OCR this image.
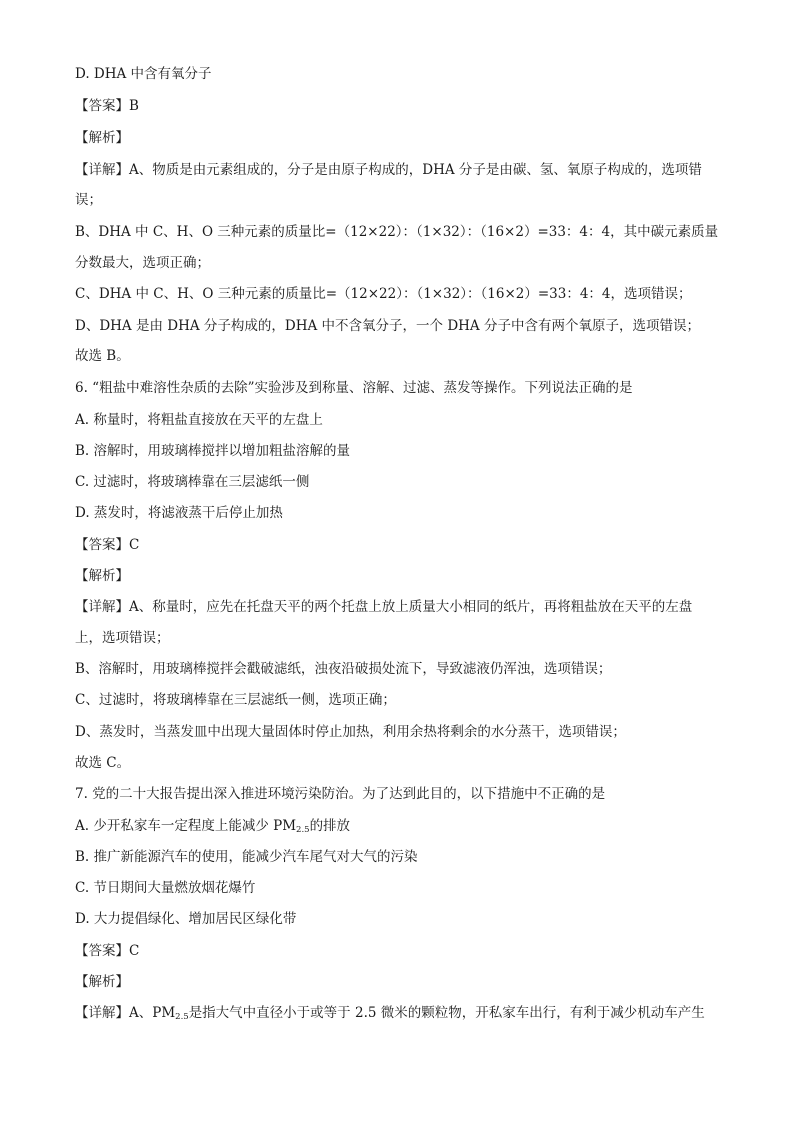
D. DHA 中含有氧分子
【答案】B
【解析】
【详解】A、物质是由元素组成的，分子是由原子构成的，DHA 分子是由碳、氢、氧原子构成的，选项错
误；
B、DHA 中 C、H、O 三种元素的质量比=（12×22）：（1×32）：（16×2）=33：4：4，其中碳元素质量
分数最大，选项正确；
C、DHA 中 C、H、O 三种元素的质量比=（12×22）：（1×32）：（16×2）=33：4：4，选项错误；
D、DHA 是由 DHA 分子构成的，DHA 中不含氧分子，一个 DHA 分子中含有两个氧原子，选项错误；
故选 B。
6. “粗盐中难溶性杂质的去除”实验涉及到称量、溶解、过滤、蒸发等操作。下列说法正确的是
A. 称量时，将粗盐直接放在天平的左盘上
B. 溶解时，用玻璃棒搅拌以增加粗盐溶解的量
C. 过滤时，将玻璃棒靠在三层滤纸一侧
D. 蒸发时，将滤液蒸干后停止加热
【答案】C
【解析】
【详解】A、称量时，应先在托盘天平的两个托盘上放上质量大小相同的纸片，再将粗盐放在天平的左盘
上，选项错误；
B、溶解时，用玻璃棒搅拌会戳破滤纸，浊夜沿破损处流下，导致滤液仍浑浊，选项错误；
C、过滤时，将玻璃棒靠在三层滤纸一侧，选项正确；
D、蒸发时，当蒸发皿中出现大量固体时停止加热，利用余热将剩余的水分蒸干，选项错误；
故选 C。
7. 党的二十大报告提出深入推进环境污染防治。为了达到此目的，以下措施中不正确的是
A. 少开私家车一定程度上能减少 $PM_{2.5}$的排放
B. 推广新能源汽车的使用，能减少汽车尾气对大气的污染
C. 节日期间大量燃放烟花爆竹
D. 大力提倡绿化、增加居民区绿化带
【答案】C
【解析】
【详解】A、$PM_{2.5}$是指大气中直径小于或等于 2.5 微米的颗粒物，开私家车出行，有利于减少机动车产生
